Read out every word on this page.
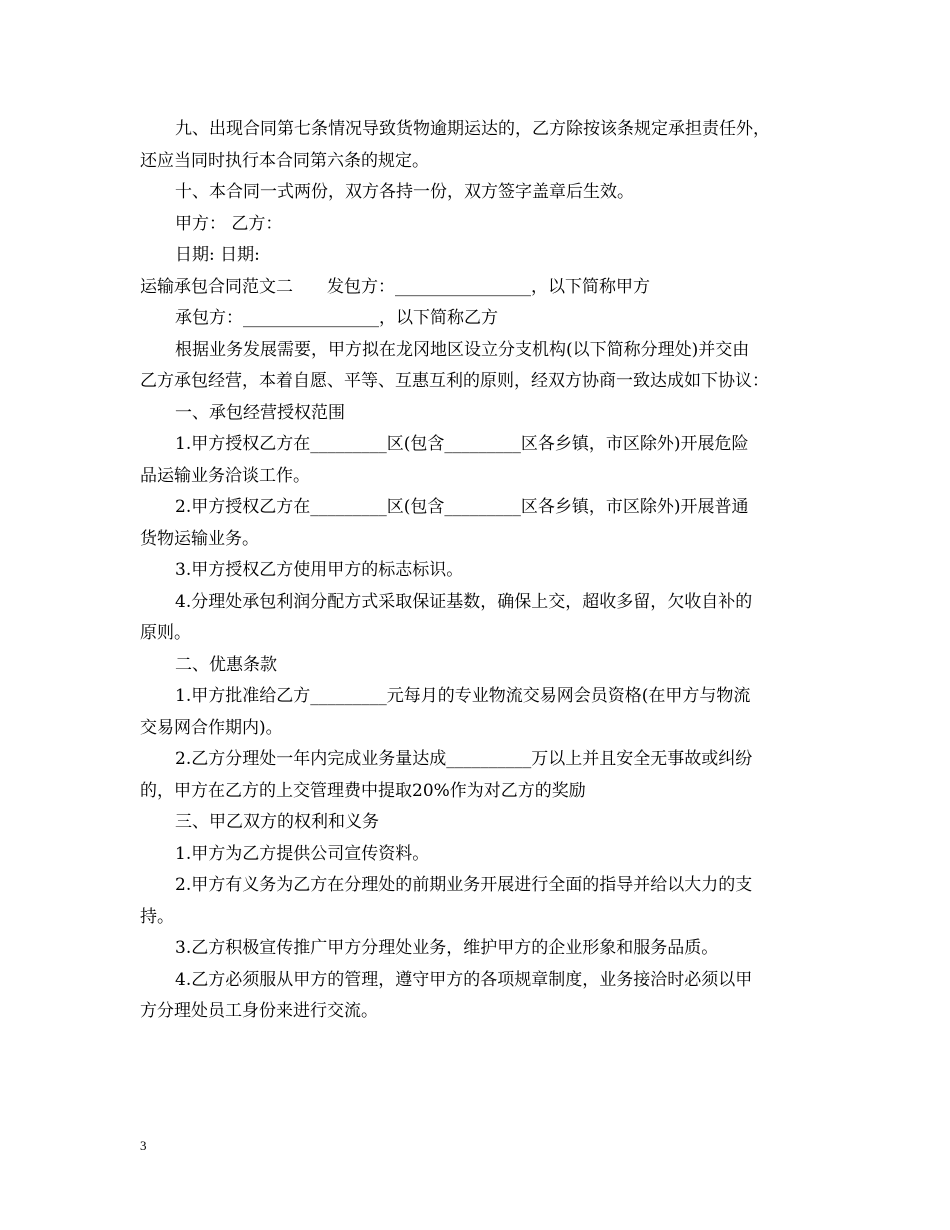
九、出现合同第七条情况导致货物逾期运达的，乙方除按该条规定承担责任外，
还应当同时执行本合同第六条的规定。
十、本合同一式两份，双方各持一份，双方签字盖章后生效。
甲方： 乙方：
日期: 日期:
运输承包合同范文二 发包方：________________，以下简称甲方
承包方：________________，以下简称乙方
根据业务发展需要，甲方拟在龙冈地区设立分支机构(以下简称分理处)并交由
乙方承包经营，本着自愿、平等、互惠互利的原则，经双方协商一致达成如下协议：
一、承包经营授权范围
1.甲方授权乙方在_________区(包含_________区各乡镇，市区除外)开展危险
品运输业务洽谈工作。
2.甲方授权乙方在_________区(包含_________区各乡镇，市区除外)开展普通
货物运输业务。
3.甲方授权乙方使用甲方的标志标识。
4.分理处承包利润分配方式采取保证基数，确保上交，超收多留，欠收自补的
原则。
二、优惠条款
1.甲方批准给乙方_________元每月的专业物流交易网会员资格(在甲方与物流
交易网合作期内)。
2.乙方分理处一年内完成业务量达成__________万以上并且安全无事故或纠纷
的，甲方在乙方的上交管理费中提取20%作为对乙方的奖励
三、甲乙双方的权利和义务
1.甲方为乙方提供公司宣传资料。
2.甲方有义务为乙方在分理处的前期业务开展进行全面的指导并给以大力的支
持。
3.乙方积极宣传推广甲方分理处业务，维护甲方的企业形象和服务品质。
4.乙方必须服从甲方的管理，遵守甲方的各项规章制度，业务接洽时必须以甲
方分理处员工身份来进行交流。
3
